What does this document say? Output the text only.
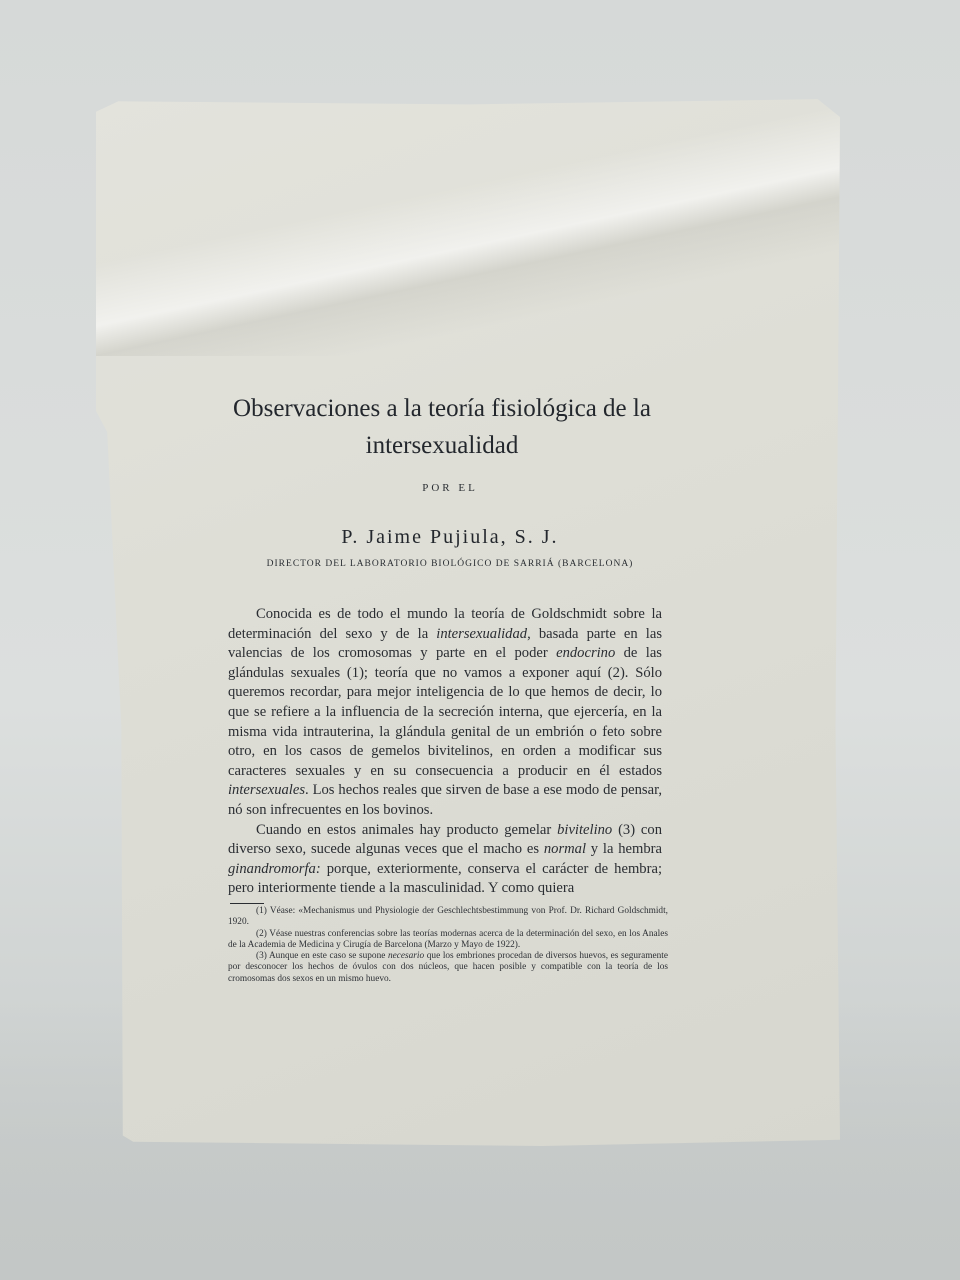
Observaciones a la teoría fisiológica de la intersexualidad
POR EL
P. Jaime Pujiula, S. J.
DIRECTOR DEL LABORATORIO BIOLÓGICO DE SARRIÁ (BARCELONA)

Conocida es de todo el mundo la teoría de Goldschmidt sobre la determinación del sexo y de la intersexualidad, basada parte en las valencias de los cromosomas y parte en el poder endocrino de las glándulas sexuales (1); teoría que no vamos a exponer aquí (2). Sólo queremos recordar, para mejor inteligencia de lo que hemos de decir, lo que se refiere a la influencia de la secreción interna, que ejercería, en la misma vida intrauterina, la glándula genital de un embrión o feto sobre otro, en los casos de gemelos bivitelinos, en orden a modificar sus caracteres sexuales y en su consecuencia a producir en él estados intersexuales. Los hechos reales que sirven de base a ese modo de pensar, nó son infrecuentes en los bovinos.

Cuando en estos animales hay producto gemelar bivitelino (3) con diverso sexo, sucede algunas veces que el macho es normal y la hembra ginandromorfa: porque, exteriormente, conserva el carácter de hembra; pero interiormente tiende a la masculinidad. Y como quiera

(1) Véase: «Mechanismus und Physiologie der Geschlechtsbestimmung von Prof. Dr. Richard Goldschmidt, 1920.

(2) Véase nuestras conferencias sobre las teorías modernas acerca de la determinación del sexo, en los Anales de la Academia de Medicina y Cirugía de Barcelona (Marzo y Mayo de 1922).

(3) Aunque en este caso se supone necesario que los embriones procedan de diversos huevos, es seguramente por desconocer los hechos de óvulos con dos núcleos, que hacen posible y compatible con la teoría de los cromosomas dos sexos en un mismo huevo.
